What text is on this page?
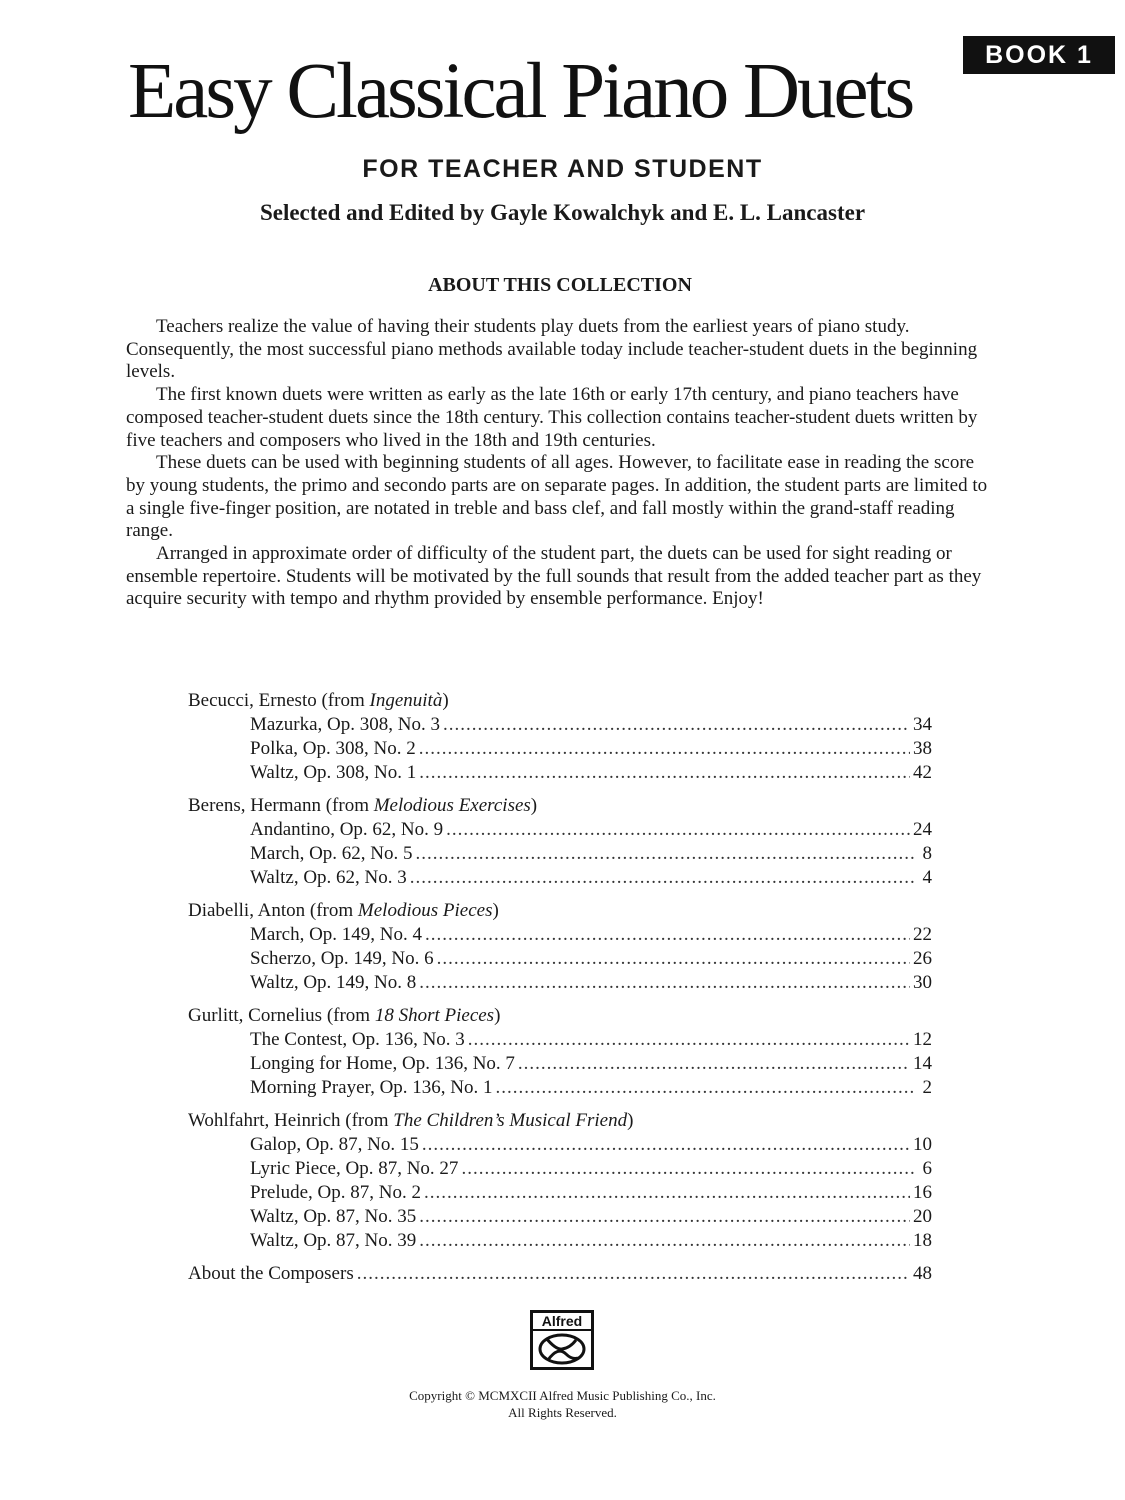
BOOK 1
Easy Classical Piano Duets
FOR TEACHER AND STUDENT
Selected and Edited by Gayle Kowalchyk and E. L. Lancaster
ABOUT THIS COLLECTION

Teachers realize the value of having their students play duets from the earliest years of piano study. Consequently, the most successful piano methods available today include teacher-student duets in the beginning levels.

The first known duets were written as early as the late 16th or early 17th century, and piano teachers have composed teacher-student duets since the 18th century. This collection contains teacher-student duets written by five teachers and composers who lived in the 18th and 19th centuries.

These duets can be used with beginning students of all ages. However, to facilitate ease in reading the score by young students, the primo and secondo parts are on separate pages. In addition, the student parts are limited to a single five-finger position, are notated in treble and bass clef, and fall mostly within the grand-staff reading range.

Arranged in approximate order of difficulty of the student part, the duets can be used for sight reading or ensemble repertoire. Students will be motivated by the full sounds that result from the added teacher part as they acquire security with tempo and rhythm provided by ensemble performance. Enjoy!

Becucci, Ernesto (from Ingenuità)
Mazurka, Op. 308, No. 3 .....	34
Polka, Op. 308, No. 2 .....	38
Waltz, Op. 308, No. 1 .....	42
Berens, Hermann (from Melodious Exercises)
Andantino, Op. 62, No. 9 .....	24
March, Op. 62, No. 5 .....	8
Waltz, Op. 62, No. 3 .....	4
Diabelli, Anton (from Melodious Pieces)
March, Op. 149, No. 4 .....	22
Scherzo, Op. 149, No. 6 .....	26
Waltz, Op. 149, No. 8 .....	30
Gurlitt, Cornelius (from 18 Short Pieces)
The Contest, Op. 136, No. 3 .....	12
Longing for Home, Op. 136, No. 7 .....	14
Morning Prayer, Op. 136, No. 1 .....	2
Wohlfahrt, Heinrich (from The Children’s Musical Friend)
Galop, Op. 87, No. 15 .....	10
Lyric Piece, Op. 87, No. 27 .....	6
Prelude, Op. 87, No. 2 .....	16
Waltz, Op. 87, No. 35 .....	20
Waltz, Op. 87, No. 39 .....	18
About the Composers .....	48
Alfred
Copyright © MCMXCII Alfred Music Publishing Co., Inc.
All Rights Reserved.
